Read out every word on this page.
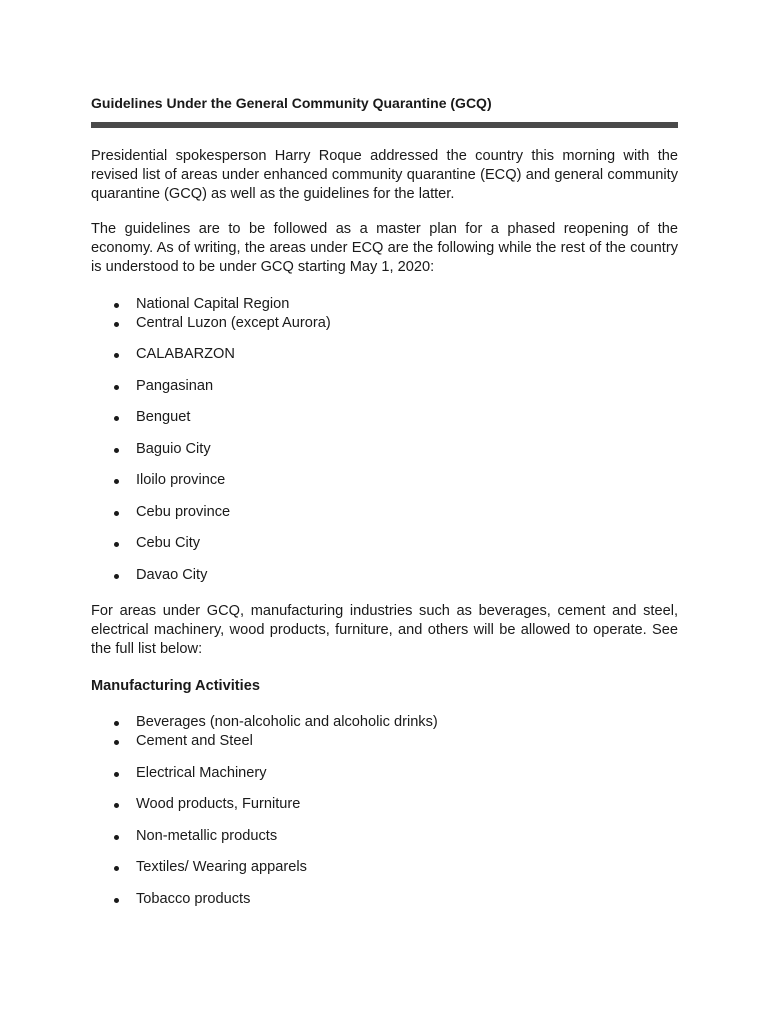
Guidelines Under the General Community Quarantine (GCQ)

Presidential spokesperson Harry Roque addressed the country this morning with the revised list of areas under enhanced community quarantine (ECQ) and general community quarantine (GCQ) as well as the guidelines for the latter.

The guidelines are to be followed as a master plan for a phased reopening of the economy. As of writing, the areas under ECQ are the following while the rest of the country is understood to be under GCQ starting May 1, 2020:

National Capital Region
Central Luzon (except Aurora)
CALABARZON
Pangasinan
Benguet
Baguio City
Iloilo province
Cebu province
Cebu City
Davao City

For areas under GCQ, manufacturing industries such as beverages, cement and steel, electrical machinery, wood products, furniture, and others will be allowed to operate. See the full list below:

Manufacturing Activities

Beverages (non-alcoholic and alcoholic drinks)
Cement and Steel
Electrical Machinery
Wood products, Furniture
Non-metallic products
Textiles/ Wearing apparels
Tobacco products
